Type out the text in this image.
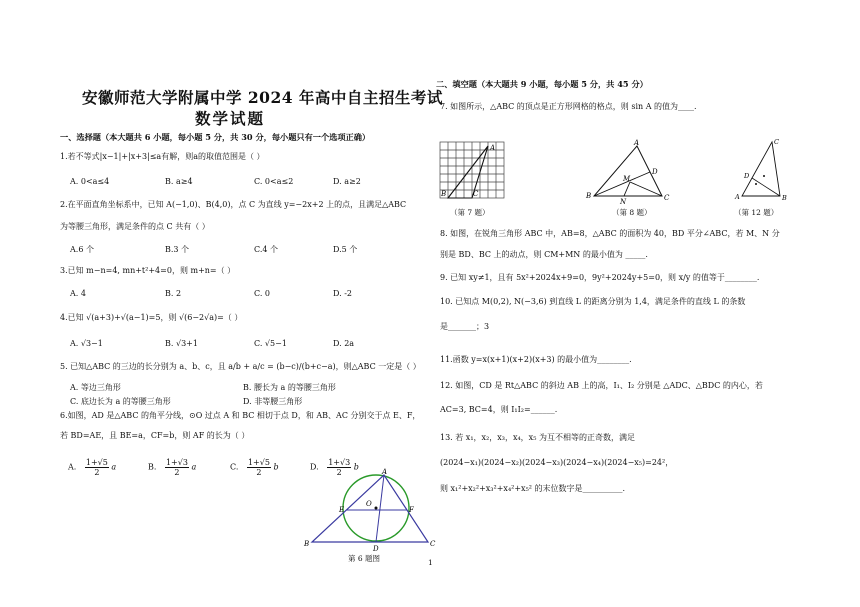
安徽师范大学附属中学 2024 年高中自主招生考试
数学试题
一、选择题（本大题共 6 小题，每小题 5 分，共 30 分，每小题只有一个选项正确）
1.若不等式|x−1|+|x+3|≤a有解，则a的取值范围是（ ）
A. 0<a≤4	B. a≥4	C. 0<a≤2	D. a≥2
2.在平面直角坐标系中，已知 A(−1,0)、B(4,0)，点 C 为直线 y=−2x+2 上的点，且满足△ABC
为等腰三角形，满足条件的点 C 共有（ ）
A.6 个	B.3 个	C.4 个	D.5 个
3.已知 m−n=4, mn+t²+4=0，则 m+n=（ ）
A. 4	B. 2	C. 0	D. -2
4.已知 √(a+3)+√(a−1)=5，则 √(6−2√a)=（ ）
A. √3−1	B. √3+1	C. √5−1	D. 2a
5. 已知△ABC 的三边的长分别为 a、b、c，且 a/b + a/c = (b−c)/(b+c−a)，则△ABC 一定是（ ）
A. 等边三角形	B. 腰长为 a 的等腰三角形
C. 底边长为 a 的等腰三角形	D. 非等腰三角形
6.如图，AD 是△ABC 的角平分线，⊙O 过点 A 和 BC 相切于点 D，和 AB、AC 分别交于点 E、F，
若 BD=AE，且 BE=a，CF=b，则 AF 的长为（ ）
A. $\frac{1+√5}{2}$ a	B. $\frac{1+√3}{2}$ a	C. $\frac{1+√5}{2}$ b	D. $\frac{1+√3}{2}$ b
A
B	C
D
E	F
O
第 6 题图	1
二、填空题（本大题共 9 小题，每小题 5 分，共 45 分）
7. 如图所示，△ABC 的顶点是正方形网格的格点，则 sin A 的值为____.
A
B	C
（第 7 题）
A
B	C
D
M
N
（第 8 题）
C
A	B
D
（第 12 题）
8. 如图，在锐角三角形 ABC 中，AB=8，△ABC 的面积为 40，BD 平分∠ABC，若 M、N 分
别是 BD、BC 上的动点，则 CM+MN 的最小值为 _____.
9. 已知 xy≠1，且有 5x²+2024x+9=0，9y²+2024y+5=0，则 x/y 的值等于________.
10. 已知点 M(0,2), N(−3,6) 到直线 L 的距离分别为 1,4，满足条件的直线 L 的条数
是_______；3
11.函数 y=x(x+1)(x+2)(x+3) 的最小值为________.
12. 如图，CD 是 Rt△ABC 的斜边 AB 上的高，I₁、I₂ 分别是 △ADC、△BDC 的内心，若
AC=3, BC=4，则 I₁I₂=______.
13. 若 x₁，x₂，x₃，x₄，x₅ 为互不相等的正奇数，满足
(2024−x₁)(2024−x₂)(2024−x₃)(2024−x₄)(2024−x₅)=24²，
则 x₁²+x₂²+x₃²+x₄²+x₅² 的末位数字是__________.
